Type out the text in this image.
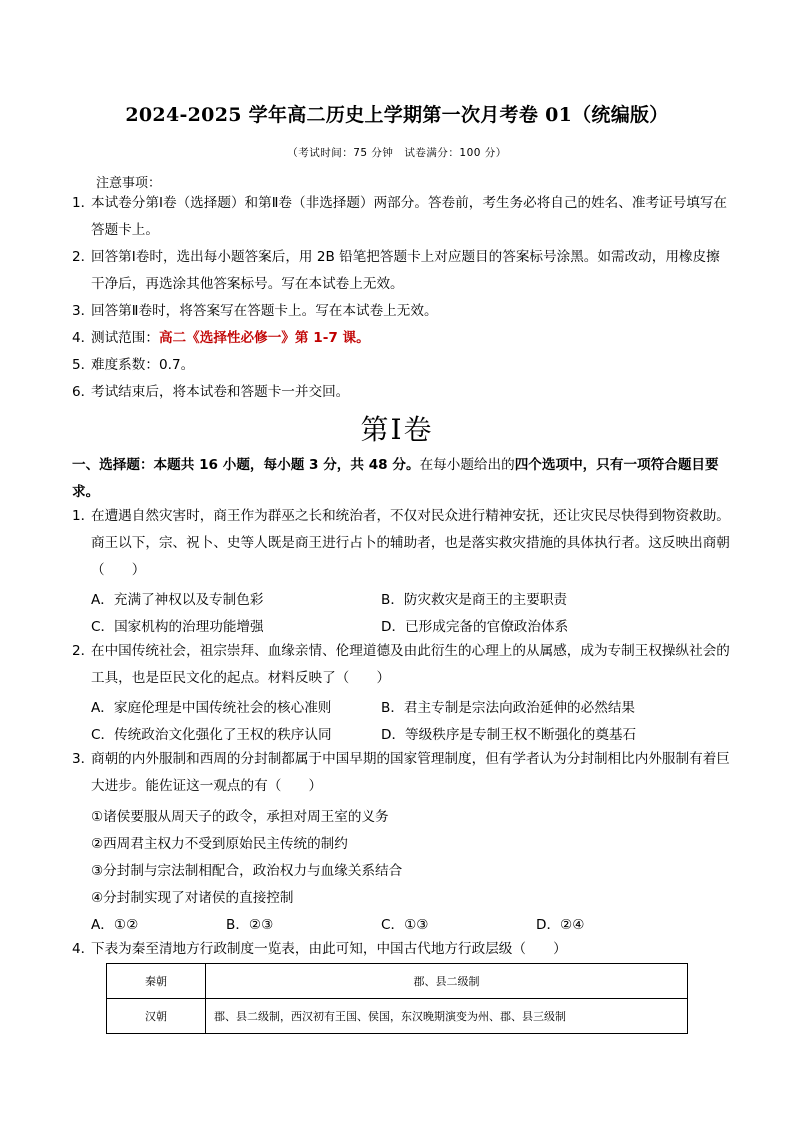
2024-2025 学年高二历史上学期第一次月考卷 01（统编版）
（考试时间：75 分钟　试卷满分：100 分）
注意事项：
1．
本试卷分第Ⅰ卷（选择题）和第Ⅱ卷（非选择题）两部分。答卷前，考生务必将自己的姓名、准考证号填写在答题卡上。
2．
回答第Ⅰ卷时，选出每小题答案后，用 2B 铅笔把答题卡上对应题目的答案标号涂黑。如需改动，用橡皮擦干净后，再选涂其他答案标号。写在本试卷上无效。
3．
回答第Ⅱ卷时，将答案写在答题卡上。写在本试卷上无效。
4．
测试范围：高二《选择性必修一》第 1-7 课。
5．
难度系数：0.7。
6．
考试结束后，将本试卷和答题卡一并交回。
第Ⅰ卷
一、选择题：本题共 16 小题，每小题 3 分，共 48 分。在每小题给出的四个选项中，只有一项符合题目要求。
1．
在遭遇自然灾害时，商王作为群巫之长和统治者，不仅对民众进行精神安抚，还让灾民尽快得到物资救助。商王以下，宗、祝卜、史等人既是商王进行占卜的辅助者，也是落实救灾措施的具体执行者。这反映出商朝（　　）
A．充满了神权以及专制色彩	B．防灾救灾是商王的主要职责
C．国家机构的治理功能增强	D．已形成完备的官僚政治体系
2．
在中国传统社会，祖宗崇拜、血缘亲情、伦理道德及由此衍生的心理上的从属感，成为专制王权操纵社会的工具，也是臣民文化的起点。材料反映了（　　）
A．家庭伦理是中国传统社会的核心准则	B．君主专制是宗法向政治延伸的必然结果
C．传统政治文化强化了王权的秩序认同	D．等级秩序是专制王权不断强化的奠基石
3．
商朝的内外服制和西周的分封制都属于中国早期的国家管理制度，但有学者认为分封制相比内外服制有着巨大进步。能佐证这一观点的有（　　）
①诸侯要服从周天子的政令，承担对周王室的义务
②西周君主权力不受到原始民主传统的制约
③分封制与宗法制相配合，政治权力与血缘关系结合
④分封制实现了对诸侯的直接控制
A．①②	B．②③	C．①③	D．②④
4．
下表为秦至清地方行政制度一览表，由此可知，中国古代地方行政层级（　　）
秦朝	郡、县二级制
汉朝	郡、县二级制，西汉初有王国、侯国，东汉晚期演变为州、郡、县三级制
